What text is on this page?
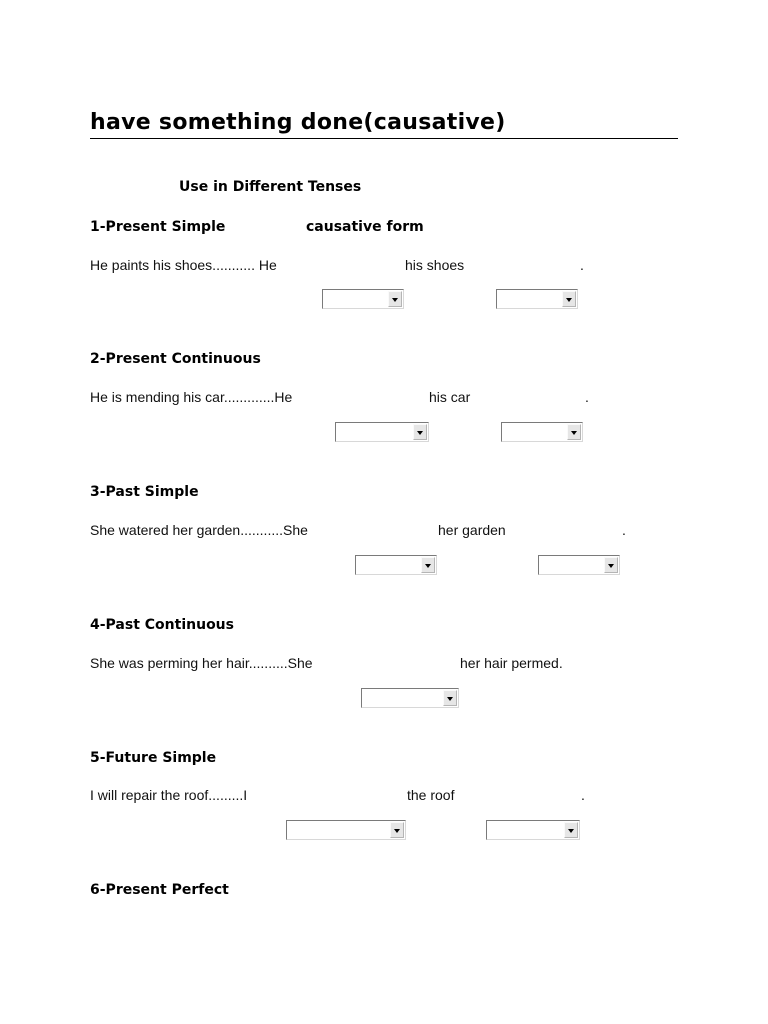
have something done(causative)
Use in Different Tenses
1-Present Simple	causative form
He paints his shoes........... He	his shoes	.
2-Present Continuous
He is mending his car.............He	his car	.
3-Past Simple
She watered her garden...........She	her garden	.
4-Past Continuous
She was perming her hair..........She	her hair permed.
5-Future Simple
I will repair the roof.........I	the roof	.
6-Present Perfect
